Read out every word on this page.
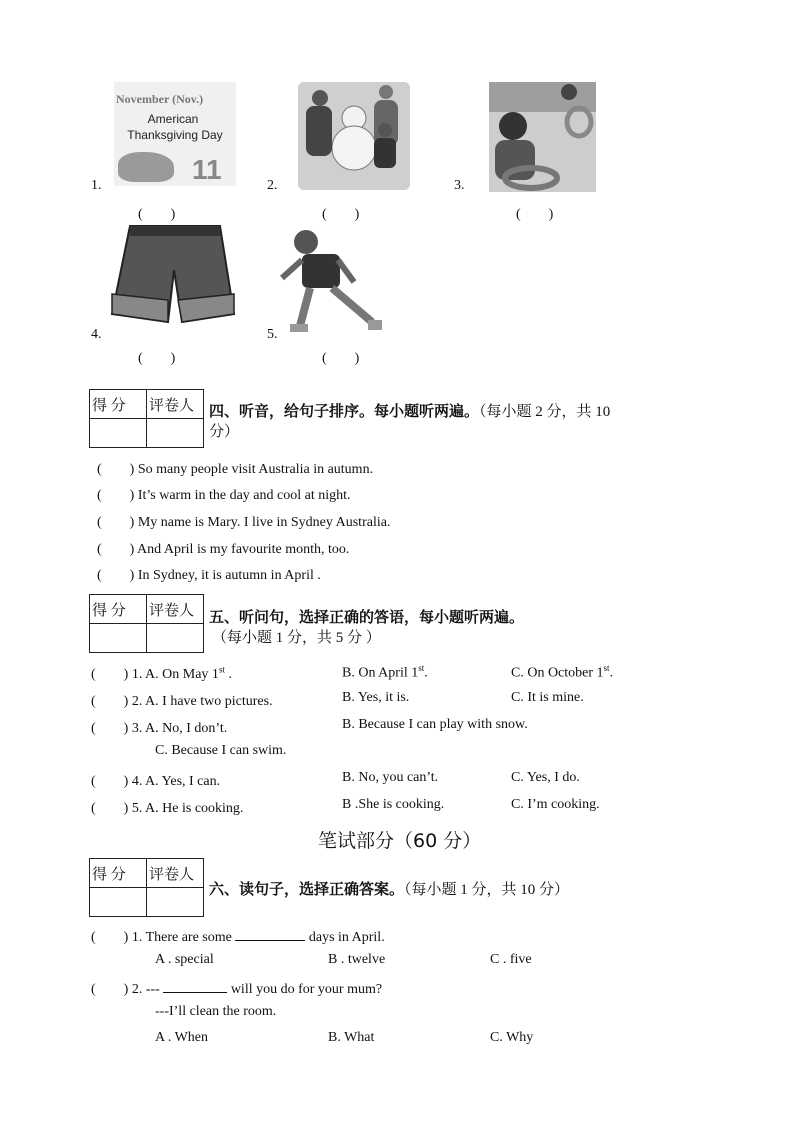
1.
November (Nov.)
American
Thanksgiving Day
11
(　　)
2.
(　　)
3.
(　　)
4.
(　　)
5.
(　　)
得 分	评卷人
	四、听音，给句子排序。每小题听两遍。（每小题 2 分，共 10
分）
(　　) So many people visit Australia in autumn.
(　　) It’s warm in the day and cool at night.
(　　) My name is Mary. I live in Sydney Australia.
(　　) And April is my favourite month, too.
(　　) In Sydney, it is autumn in April .
得 分	评卷人
	五、听问句，选择正确的答语，每小题听两遍。
（每小题 1 分，共 5 分 ）
(　　) 1. A. On May 1st .	B. On April 1st.	C. On October 1st.
(　　) 2. A. I have two pictures.	B. Yes, it is.	C. It is mine.
(　　) 3. A. No, I don’t.	B. Because I can play with snow.
C. Because I can swim.
(　　) 4. A. Yes, I can.	B. No, you can’t.	C. Yes, I do.
(　　) 5. A. He is cooking.	B .She is cooking.	C. I’m cooking.
笔试部分（60 分）
得 分	评卷人

六、读句子，选择正确答案。（每小题 1 分，共 10 分）
(　　) 1. There are some	days in April.
A . special	B . twelve	C . five
(　　) 2. ---	will you do for your mum?
---I’ll clean the room.
A . When	B. What	C. Why
